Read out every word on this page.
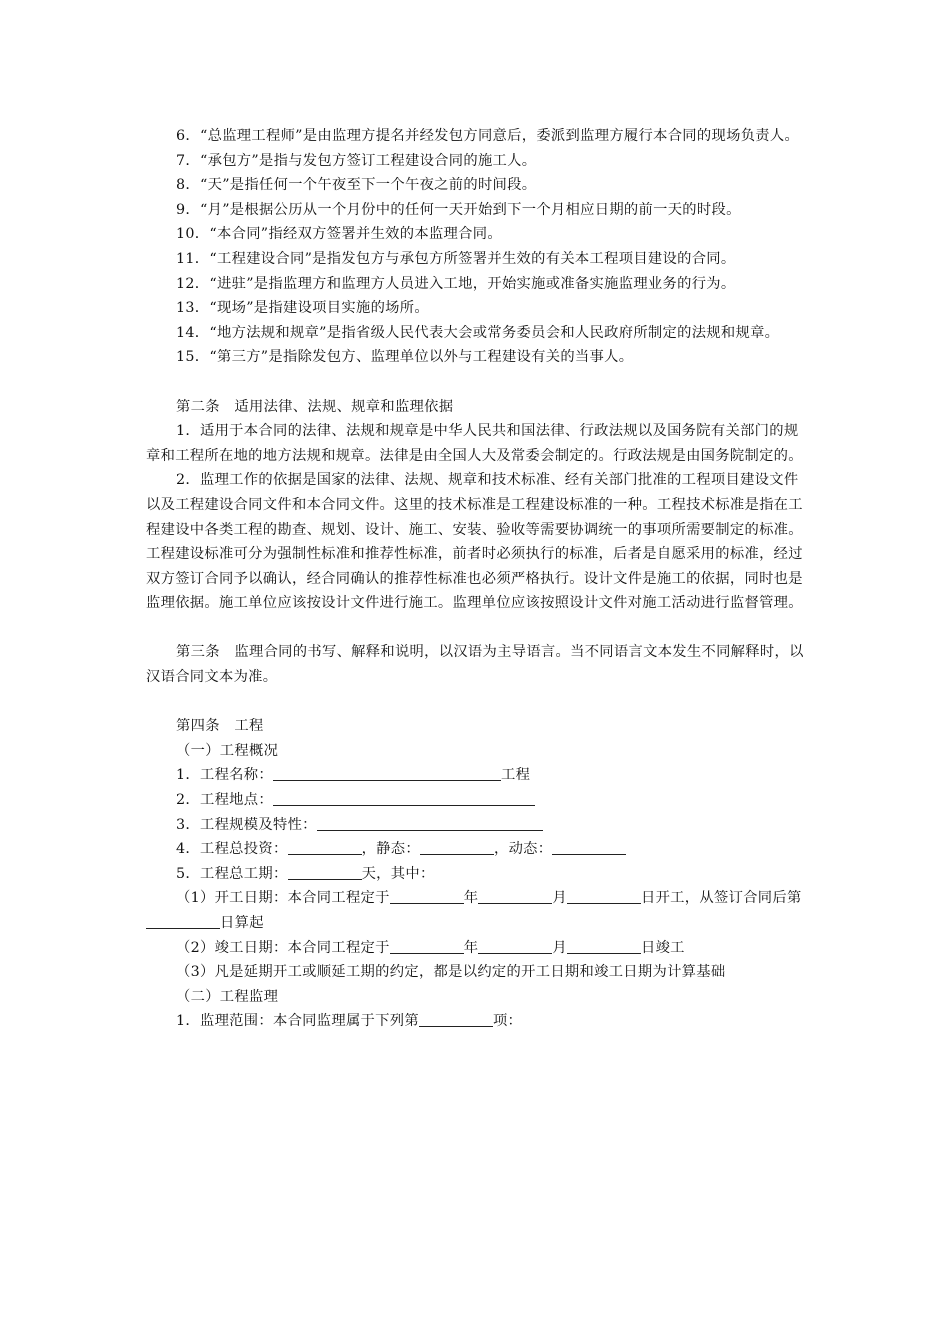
6．“总监理工程师”是由监理方提名并经发包方同意后，委派到监理方履行本合同的现场负责人。

7．“承包方”是指与发包方签订工程建设合同的施工人。

8．“天”是指任何一个午夜至下一个午夜之前的时间段。

9．“月”是根据公历从一个月份中的任何一天开始到下一个月相应日期的前一天的时段。

10．“本合同”指经双方签署并生效的本监理合同。

11．“工程建设合同”是指发包方与承包方所签署并生效的有关本工程项目建设的合同。

12．“进驻”是指监理方和监理方人员进入工地，开始实施或准备实施监理业务的行为。

13．“现场”是指建设项目实施的场所。

14．“地方法规和规章”是指省级人民代表大会或常务委员会和人民政府所制定的法规和规章。

15．“第三方”是指除发包方、监理单位以外与工程建设有关的当事人。

第二条　适用法律、法规、规章和监理依据

1．适用于本合同的法律、法规和规章是中华人民共和国法律、行政法规以及国务院有关部门的规章和工程所在地的地方法规和规章。法律是由全国人大及常委会制定的。行政法规是由国务院制定的。

2．监理工作的依据是国家的法律、法规、规章和技术标准、经有关部门批准的工程项目建设文件以及工程建设合同文件和本合同文件。这里的技术标准是工程建设标准的一种。工程技术标准是指在工程建设中各类工程的勘查、规划、设计、施工、安装、验收等需要协调统一的事项所需要制定的标准。工程建设标准可分为强制性标准和推荐性标准，前者时必须执行的标准，后者是自愿采用的标准，经过双方签订合同予以确认，经合同确认的推荐性标准也必须严格执行。设计文件是施工的依据，同时也是监理依据。施工单位应该按设计文件进行施工。监理单位应该按照设计文件对施工活动进行监督管理。

第三条　监理合同的书写、解释和说明，以汉语为主导语言。当不同语言文本发生不同解释时，以汉语合同文本为准。

第四条　工程

（一）工程概况

1．工程名称：	工程

2．工程地点：

3．工程规模及特性：

4．工程总投资：	，静态：	，动态：

5．工程总工期：	天，其中：

（1）开工日期：本合同工程定于	年	月	日开工，从签订合同后第日算起

（2）竣工日期：本合同工程定于	年	月	日竣工

（3）凡是延期开工或顺延工期的约定，都是以约定的开工日期和竣工日期为计算基础

（二）工程监理

1．监理范围：本合同监理属于下列第	项：
